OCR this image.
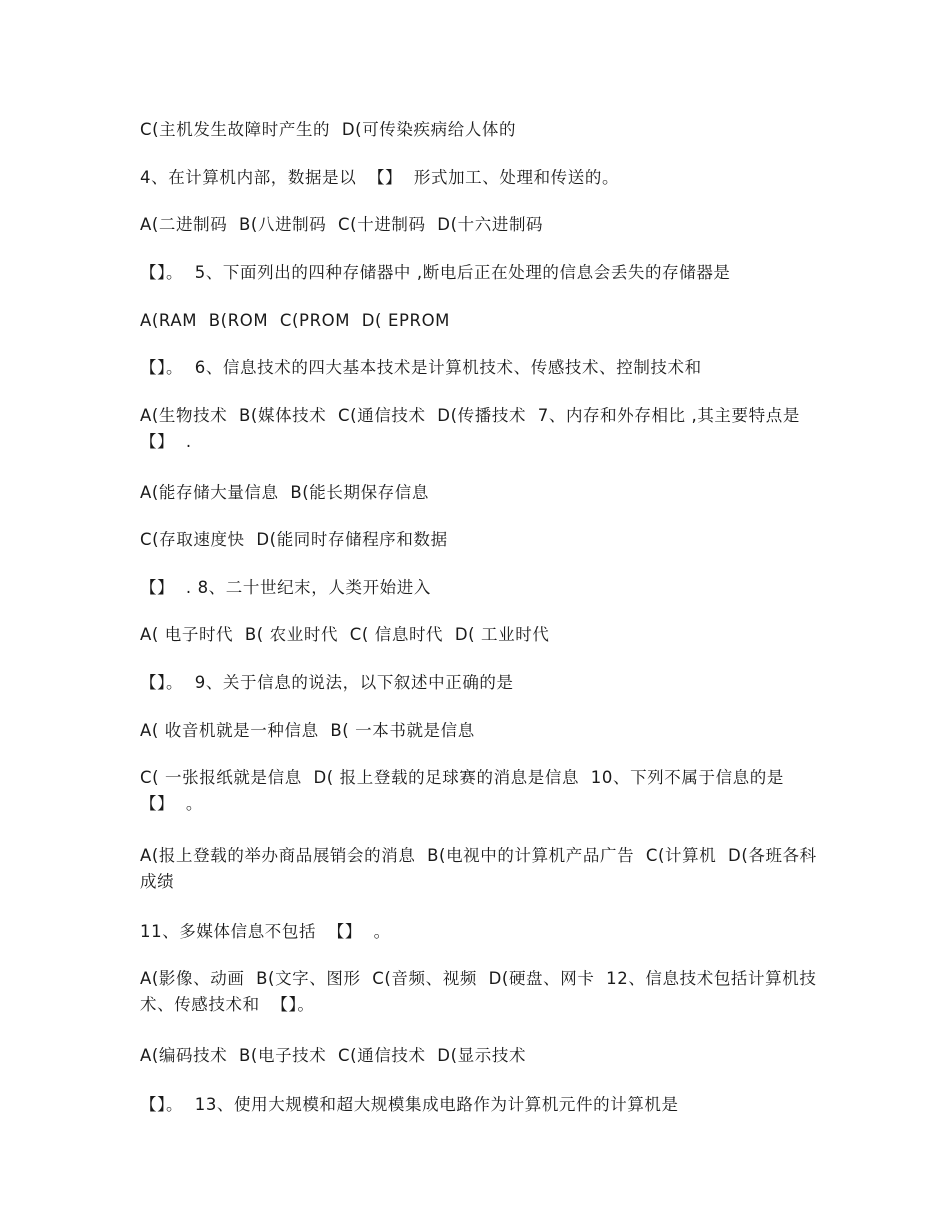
C(主机发生故障时产生的  D(可传染疾病给人体的
4、在计算机内部，数据是以  【】  形式加工、处理和传送的。
A(二进制码  B(八进制码  C(十进制码  D(十六进制码
【】。  5、下面列出的四种存储器中 ,断电后正在处理的信息会丢失的存储器是
A(RAM  B(ROM  C(PROM  D( EPROM
【】。  6、信息技术的四大基本技术是计算机技术、传感技术、控制技术和
A(生物技术  B(媒体技术  C(通信技术  D(传播技术  7、内存和外存相比 ,其主要特点是  【】  .
A(能存储大量信息  B(能长期保存信息
C(存取速度快  D(能同时存储程序和数据
【】  . 8、二十世纪末，人类开始进入
A( 电子时代  B( 农业时代  C( 信息时代  D( 工业时代
【】。  9、关于信息的说法，以下叙述中正确的是
A( 收音机就是一种信息  B( 一本书就是信息
C( 一张报纸就是信息  D( 报上登载的足球赛的消息是信息  10、下列不属于信息的是  【】  。
A(报上登载的举办商品展销会的消息  B(电视中的计算机产品广告  C(计算机  D(各班各科成绩
11、多媒体信息不包括  【】  。
A(影像、动画  B(文字、图形  C(音频、视频  D(硬盘、网卡  12、信息技术包括计算机技术、传感技术和  【】。
A(编码技术  B(电子技术  C(通信技术  D(显示技术
【】。  13、使用大规模和超大规模集成电路作为计算机元件的计算机是
